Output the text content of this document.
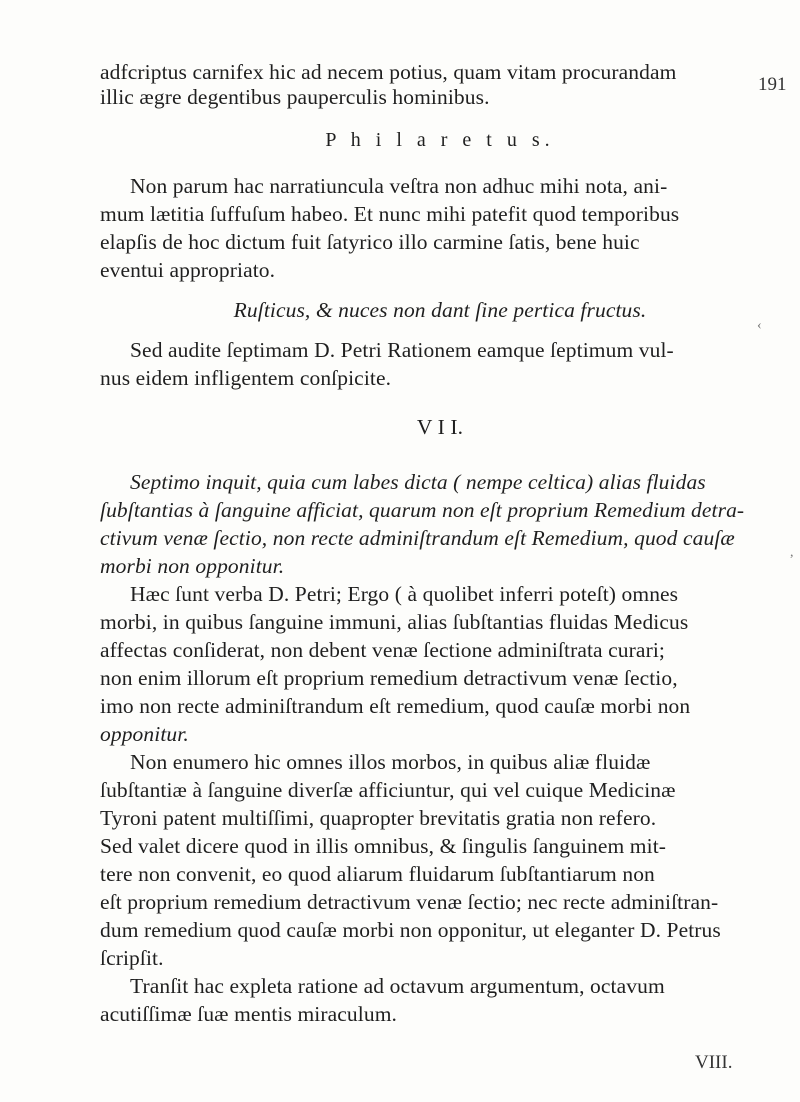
191
adfcriptus carnifex hic ad necem potius, quam vitam procurandam
illic ægre degentibus pauperculis hominibus.
P h i l a r e t u s.
Non parum hac narratiuncula veſtra non adhuc mihi nota, ani-
mum lætitia ſuffuſum habeo. Et nunc mihi patefit quod temporibus
elapſis de hoc dictum fuit ſatyrico illo carmine ſatis, bene huic
eventui appropriato.
Ruſticus, & nuces non dant ſine pertica fructus.
Sed audite ſeptimam D. Petri Rationem eamque ſeptimum vul-
nus eidem infligentem conſpicite.
V I I.
Septimo inquit, quia cum labes dicta ( nempe celtica) alias fluidas
ſubſtantias à ſanguine afficiat, quarum non eſt proprium Remedium detra-
ctivum venæ ſectio, non recte adminiſtrandum eſt Remedium, quod cauſæ
morbi non opponitur.
Hæc ſunt verba D. Petri; Ergo ( à quolibet inferri poteſt) omnes
morbi, in quibus ſanguine immuni, alias ſubſtantias fluidas Medicus
affectas conſiderat, non debent venæ ſectione adminiſtrata curari;
non enim illorum eſt proprium remedium detractivum venæ ſectio,
imo non recte adminiſtrandum eſt remedium, quod cauſæ morbi non
opponitur.
Non enumero hic omnes illos morbos, in quibus aliæ fluidæ
ſubſtantiæ à ſanguine diverſæ afficiuntur, qui vel cuique Medicinæ
Tyroni patent multiſſimi, quapropter brevitatis gratia non refero.
Sed valet dicere quod in illis omnibus, & ſingulis ſanguinem mit-
tere non convenit, eo quod aliarum fluidarum ſubſtantiarum non
eſt proprium remedium detractivum venæ ſectio; nec recte adminiſtran-
dum remedium quod cauſæ morbi non opponitur, ut eleganter D. Petrus
ſcripſit.
Tranſit hac expleta ratione ad octavum argumentum, octavum
acutiſſimæ ſuæ mentis miraculum.
VIII.
‹
,
